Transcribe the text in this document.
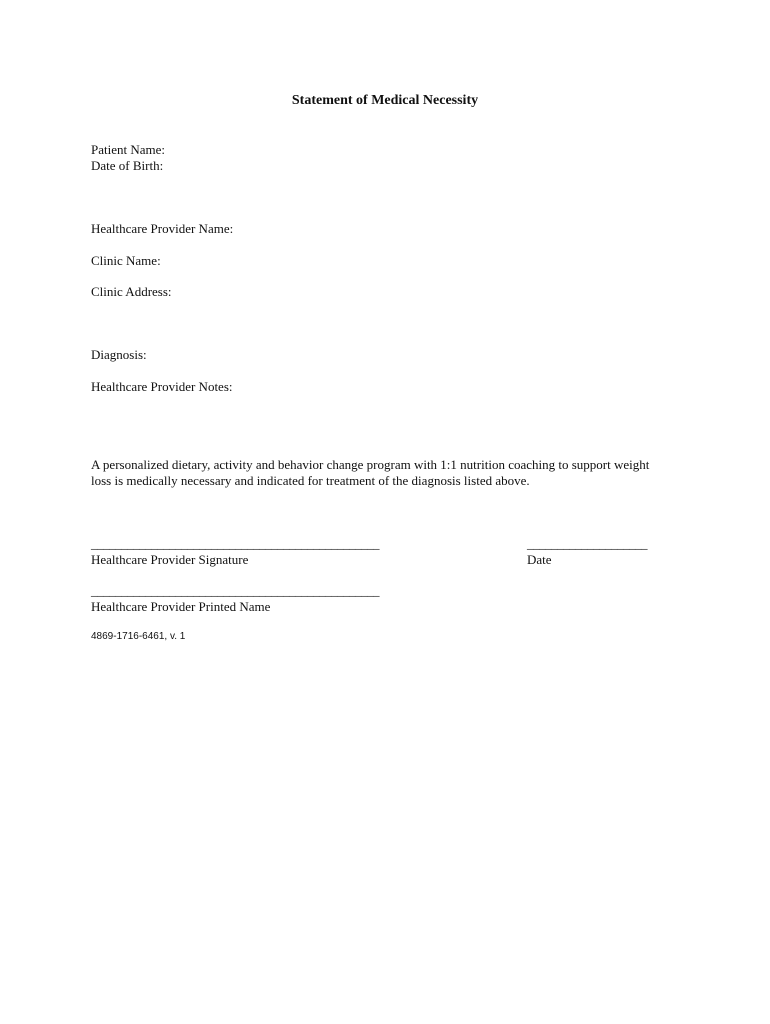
Statement of Medical Necessity
Patient Name:
Date of Birth:
Healthcare Provider Name:
Clinic Name:
Clinic Address:
Diagnosis:
Healthcare Provider Notes:
A personalized dietary, activity and behavior change program with 1:1 nutrition coaching to support weight loss is medically necessary and indicated for treatment of the diagnosis listed above.
________________________________________________
Healthcare Provider Signature
____________________
Date
________________________________________________
Healthcare Provider Printed Name
4869-1716-6461, v. 1
